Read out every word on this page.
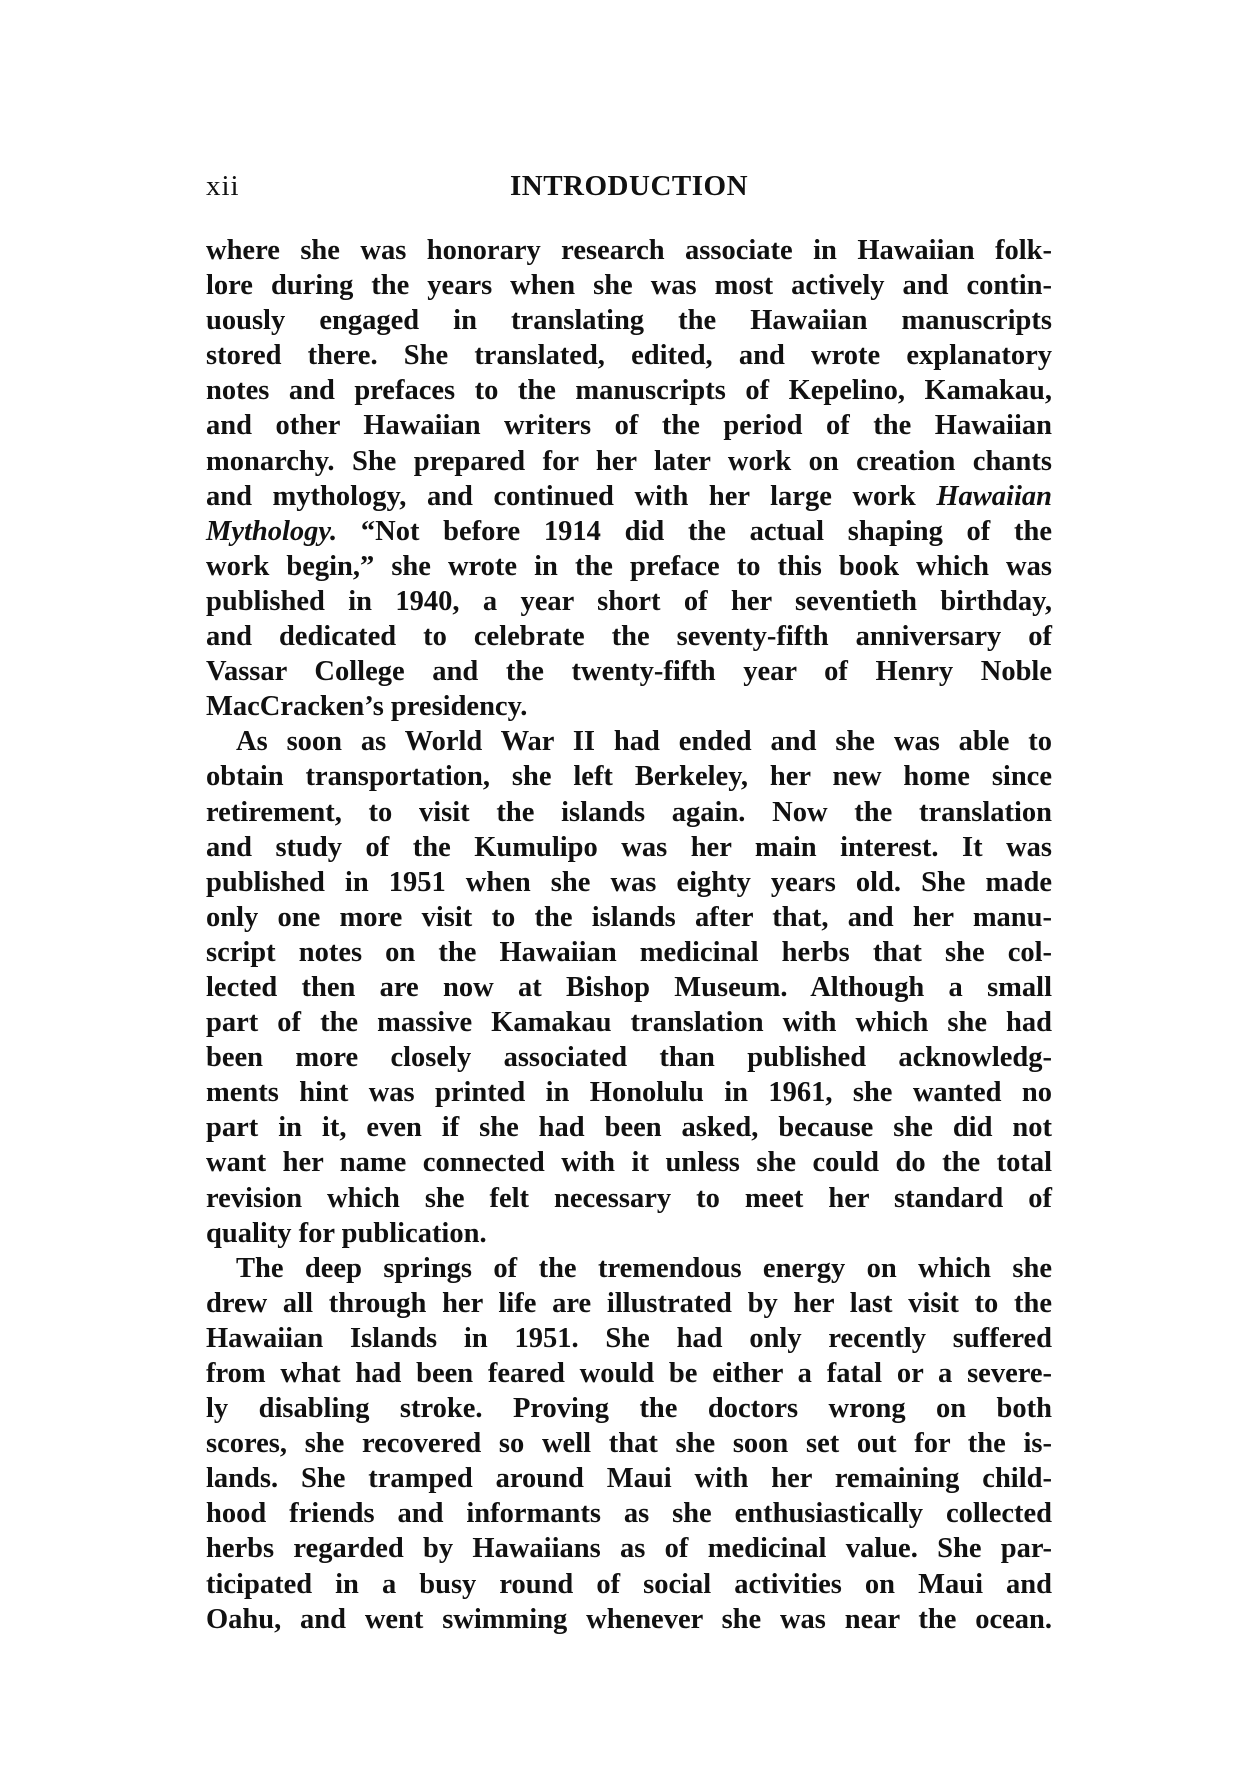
xii	INTRODUCTION
where she was honorary research associate in Hawaiian folk-
lore during the years when she was most actively and contin-
uously engaged in translating the Hawaiian manuscripts
stored there. She translated, edited, and wrote explanatory
notes and prefaces to the manuscripts of Kepelino, Kamakau,
and other Hawaiian writers of the period of the Hawaiian
monarchy. She prepared for her later work on creation chants
and mythology, and continued with her large work Hawaiian
Mythology. “Not before 1914 did the actual shaping of the
work begin,” she wrote in the preface to this book which was
published in 1940, a year short of her seventieth birthday,
and dedicated to celebrate the seventy-fifth anniversary of
Vassar College and the twenty-fifth year of Henry Noble
MacCracken’s presidency.
As soon as World War II had ended and she was able to
obtain transportation, she left Berkeley, her new home since
retirement, to visit the islands again. Now the translation
and study of the Kumulipo was her main interest. It was
published in 1951 when she was eighty years old. She made
only one more visit to the islands after that, and her manu-
script notes on the Hawaiian medicinal herbs that she col-
lected then are now at Bishop Museum. Although a small
part of the massive Kamakau translation with which she had
been more closely associated than published acknowledg-
ments hint was printed in Honolulu in 1961, she wanted no
part in it, even if she had been asked, because she did not
want her name connected with it unless she could do the total
revision which she felt necessary to meet her standard of
quality for publication.
The deep springs of the tremendous energy on which she
drew all through her life are illustrated by her last visit to the
Hawaiian Islands in 1951. She had only recently suffered
from what had been feared would be either a fatal or a severe-
ly disabling stroke. Proving the doctors wrong on both
scores, she recovered so well that she soon set out for the is-
lands. She tramped around Maui with her remaining child-
hood friends and informants as she enthusiastically collected
herbs regarded by Hawaiians as of medicinal value. She par-
ticipated in a busy round of social activities on Maui and
Oahu, and went swimming whenever she was near the ocean.
